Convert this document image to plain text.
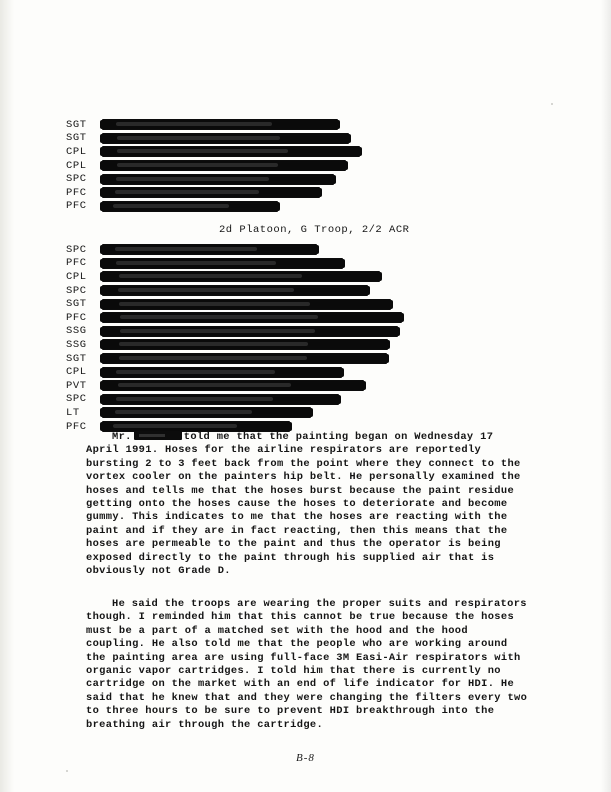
SGT
SGT
CPL
CPL
SPC
PFC
PFC
2d Platoon, G Troop, 2/2 ACR
SPC
PFC
CPL
SPC
SGT
PFC
SSG
SSG
SGT
CPL
PVT
SPC
LT
PFC
Mr.	told me that the painting began on Wednesday 17 April 1991. Hoses for the airline respirators are reportedly bursting 2 to 3 feet back from the point where they connect to the vortex cooler on the painters hip belt. He personally examined the hoses and tells me that the hoses burst because the paint residue getting onto the hoses cause the hoses to deteriorate and become gummy. This indicates to me that the hoses are reacting with the paint and if they are in fact reacting, then this means that the hoses are permeable to the paint and thus the operator is being exposed directly to the paint through his supplied air that is obviously not Grade D.
He said the troops are wearing the proper suits and respirators though. I reminded him that this cannot be true because the hoses must be a part of a matched set with the hood and the hood coupling. He also told me that the people who are working around the painting area are using full-face 3M Easi-Air respirators with organic vapor cartridges. I told him that there is currently no cartridge on the market with an end of life indicator for HDI. He said that he knew that and they were changing the filters every two to three hours to be sure to prevent HDI breakthrough into the breathing air through the cartridge.
B-8
